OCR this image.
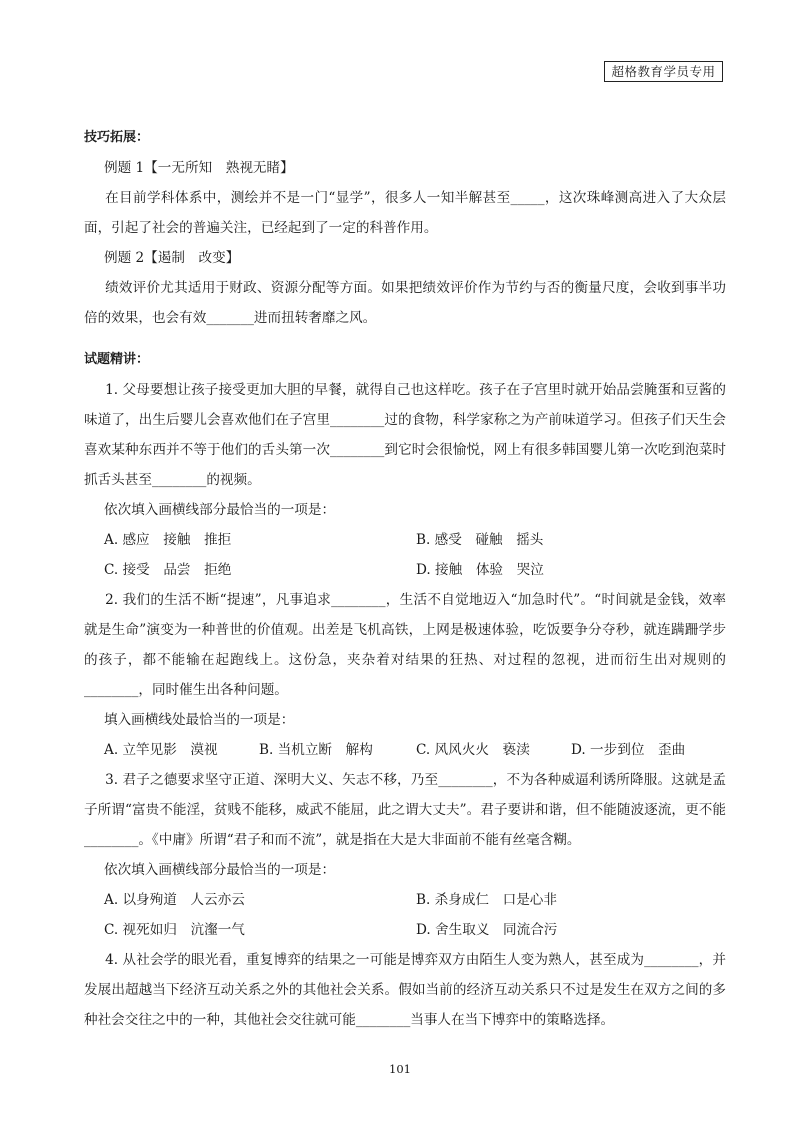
超格教育学员专用
技巧拓展：
例题 1【一无所知　熟视无睹】
在目前学科体系中，测绘并不是一门“显学”，很多人一知半解甚至_____，这次珠峰测高进入了大众层面，引起了社会的普遍关注，已经起到了一定的科普作用。
例题 2【遏制　改变】
绩效评价尤其适用于财政、资源分配等方面。如果把绩效评价作为节约与否的衡量尺度，会收到事半功倍的效果，也会有效_______进而扭转奢靡之风。
试题精讲：
1. 父母要想让孩子接受更加大胆的早餐，就得自己也这样吃。孩子在子宫里时就开始品尝腌蛋和豆酱的味道了，出生后婴儿会喜欢他们在子宫里________过的食物，科学家称之为产前味道学习。但孩子们天生会喜欢某种东西并不等于他们的舌头第一次________到它时会很愉悦，网上有很多韩国婴儿第一次吃到泡菜时抓舌头甚至________的视频。
依次填入画横线部分最恰当的一项是：
A. 感应　接触　推拒	B. 感受　碰触　摇头
C. 接受　品尝　拒绝	D. 接触　体验　哭泣
2. 我们的生活不断“提速”，凡事追求________，生活不自觉地迈入“加急时代”。“时间就是金钱，效率就是生命”演变为一种普世的价值观。出差是飞机高铁，上网是极速体验，吃饭要争分夺秒，就连蹒跚学步的孩子，都不能输在起跑线上。这份急，夹杂着对结果的狂热、对过程的忽视，进而衍生出对规则的________，同时催生出各种问题。
填入画横线处最恰当的一项是：
A. 立竿见影　漠视	B. 当机立断　解构	C. 风风火火　亵渎	D. 一步到位　歪曲
3. 君子之德要求坚守正道、深明大义、矢志不移，乃至________，不为各种威逼利诱所降服。这就是孟子所谓“富贵不能淫，贫贱不能移，威武不能屈，此之谓大丈夫”。君子要讲和谐，但不能随波逐流，更不能________。《中庸》所谓“君子和而不流”，就是指在大是大非面前不能有丝毫含糊。
依次填入画横线部分最恰当的一项是：
A. 以身殉道　人云亦云	B. 杀身成仁　口是心非
C. 视死如归　沆瀣一气	D. 舍生取义　同流合污
4. 从社会学的眼光看，重复博弈的结果之一可能是博弈双方由陌生人变为熟人，甚至成为________，并发展出超越当下经济互动关系之外的其他社会关系。假如当前的经济互动关系只不过是发生在双方之间的多种社会交往之中的一种，其他社会交往就可能________当事人在当下博弈中的策略选择。
101
